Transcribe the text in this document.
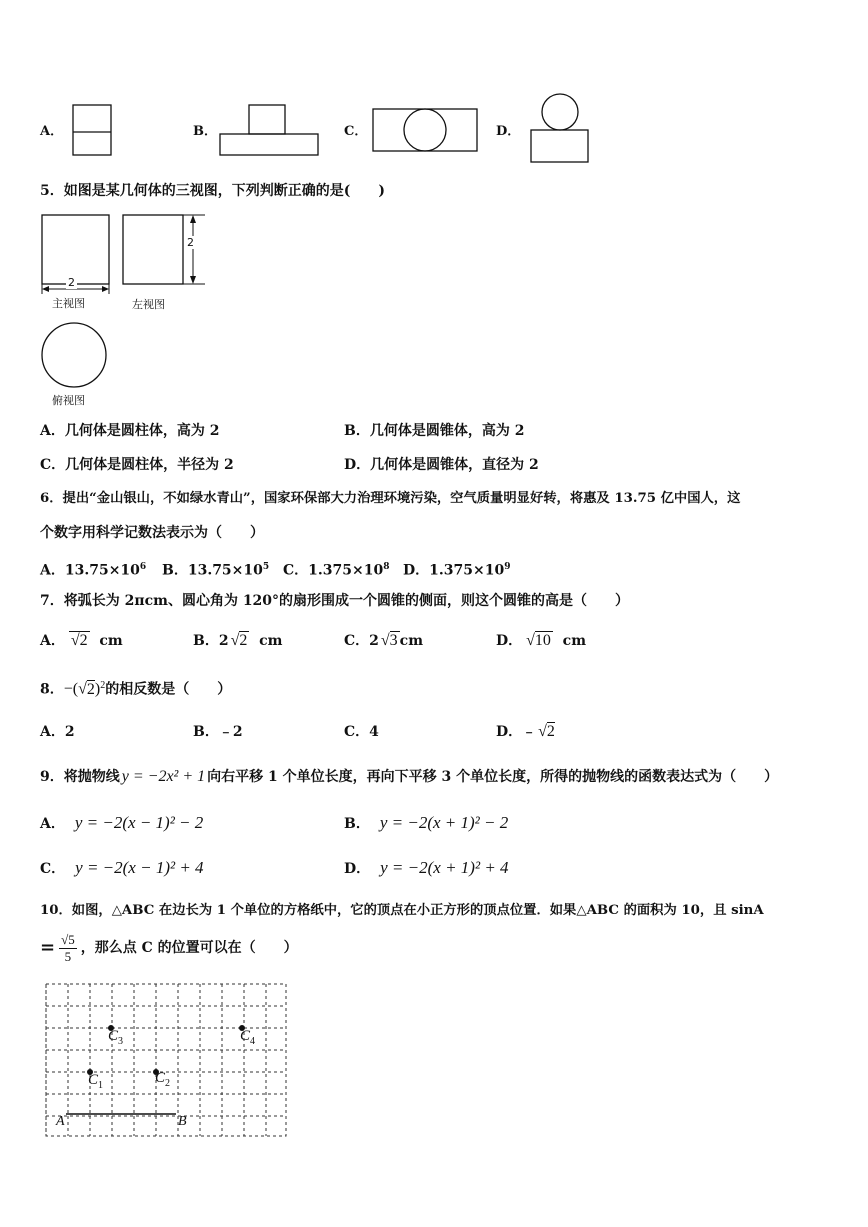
A．	B．	C．	D．
5．如图是某几何体的三视图，下列判断正确的是(　　)
2
主视图
2
左视图
俯视图
A．几何体是圆柱体，高为 2	B．几何体是圆锥体，高为 2
C．几何体是圆柱体，半径为 2	D．几何体是圆锥体，直径为 2
6．提出“金山银山，不如绿水青山”，国家环保部大力治理环境污染，空气质量明显好转，将惠及 13.75 亿中国人，这
个数字用科学记数法表示为（　　）
A．$13.75\times 10^6$ B．$13.75\times 10^5$ C．$1.375\times 10^8$ D．$1.375\times 10^9$
7．将弧长为 2πcm、圆心角为 120°的扇形围成一个圆锥的侧面，则这个圆锥的高是（　　）
A． √2 cm	B．2 √2 cm	C．2 √3 cm	D． √10 cm
8．$-(√2)^2$的相反数是（　　）
A．2	B．﹣2	C．4	D．﹣ √2
9．将抛物线 y = −2x² + 1 向右平移 1 个单位长度，再向下平移 3 个单位长度，所得的抛物线的函数表达式为（　　）
A． y = −2(x − 1)² − 2	B． y = −2(x + 1)² − 2
C． y = −2(x − 1)² + 4	D． y = −2(x + 1)² + 4
10．如图，△ABC 在边长为 1 个单位的方格纸中，它的顶点在小正方形的顶点位置．如果△ABC 的面积为 10，且 sinA
= $\frac{√5}{5}$ ，那么点 C 的位置可以在（　　）
A	B
$C_3$	$C_4$
$C_1$	$C_2$
